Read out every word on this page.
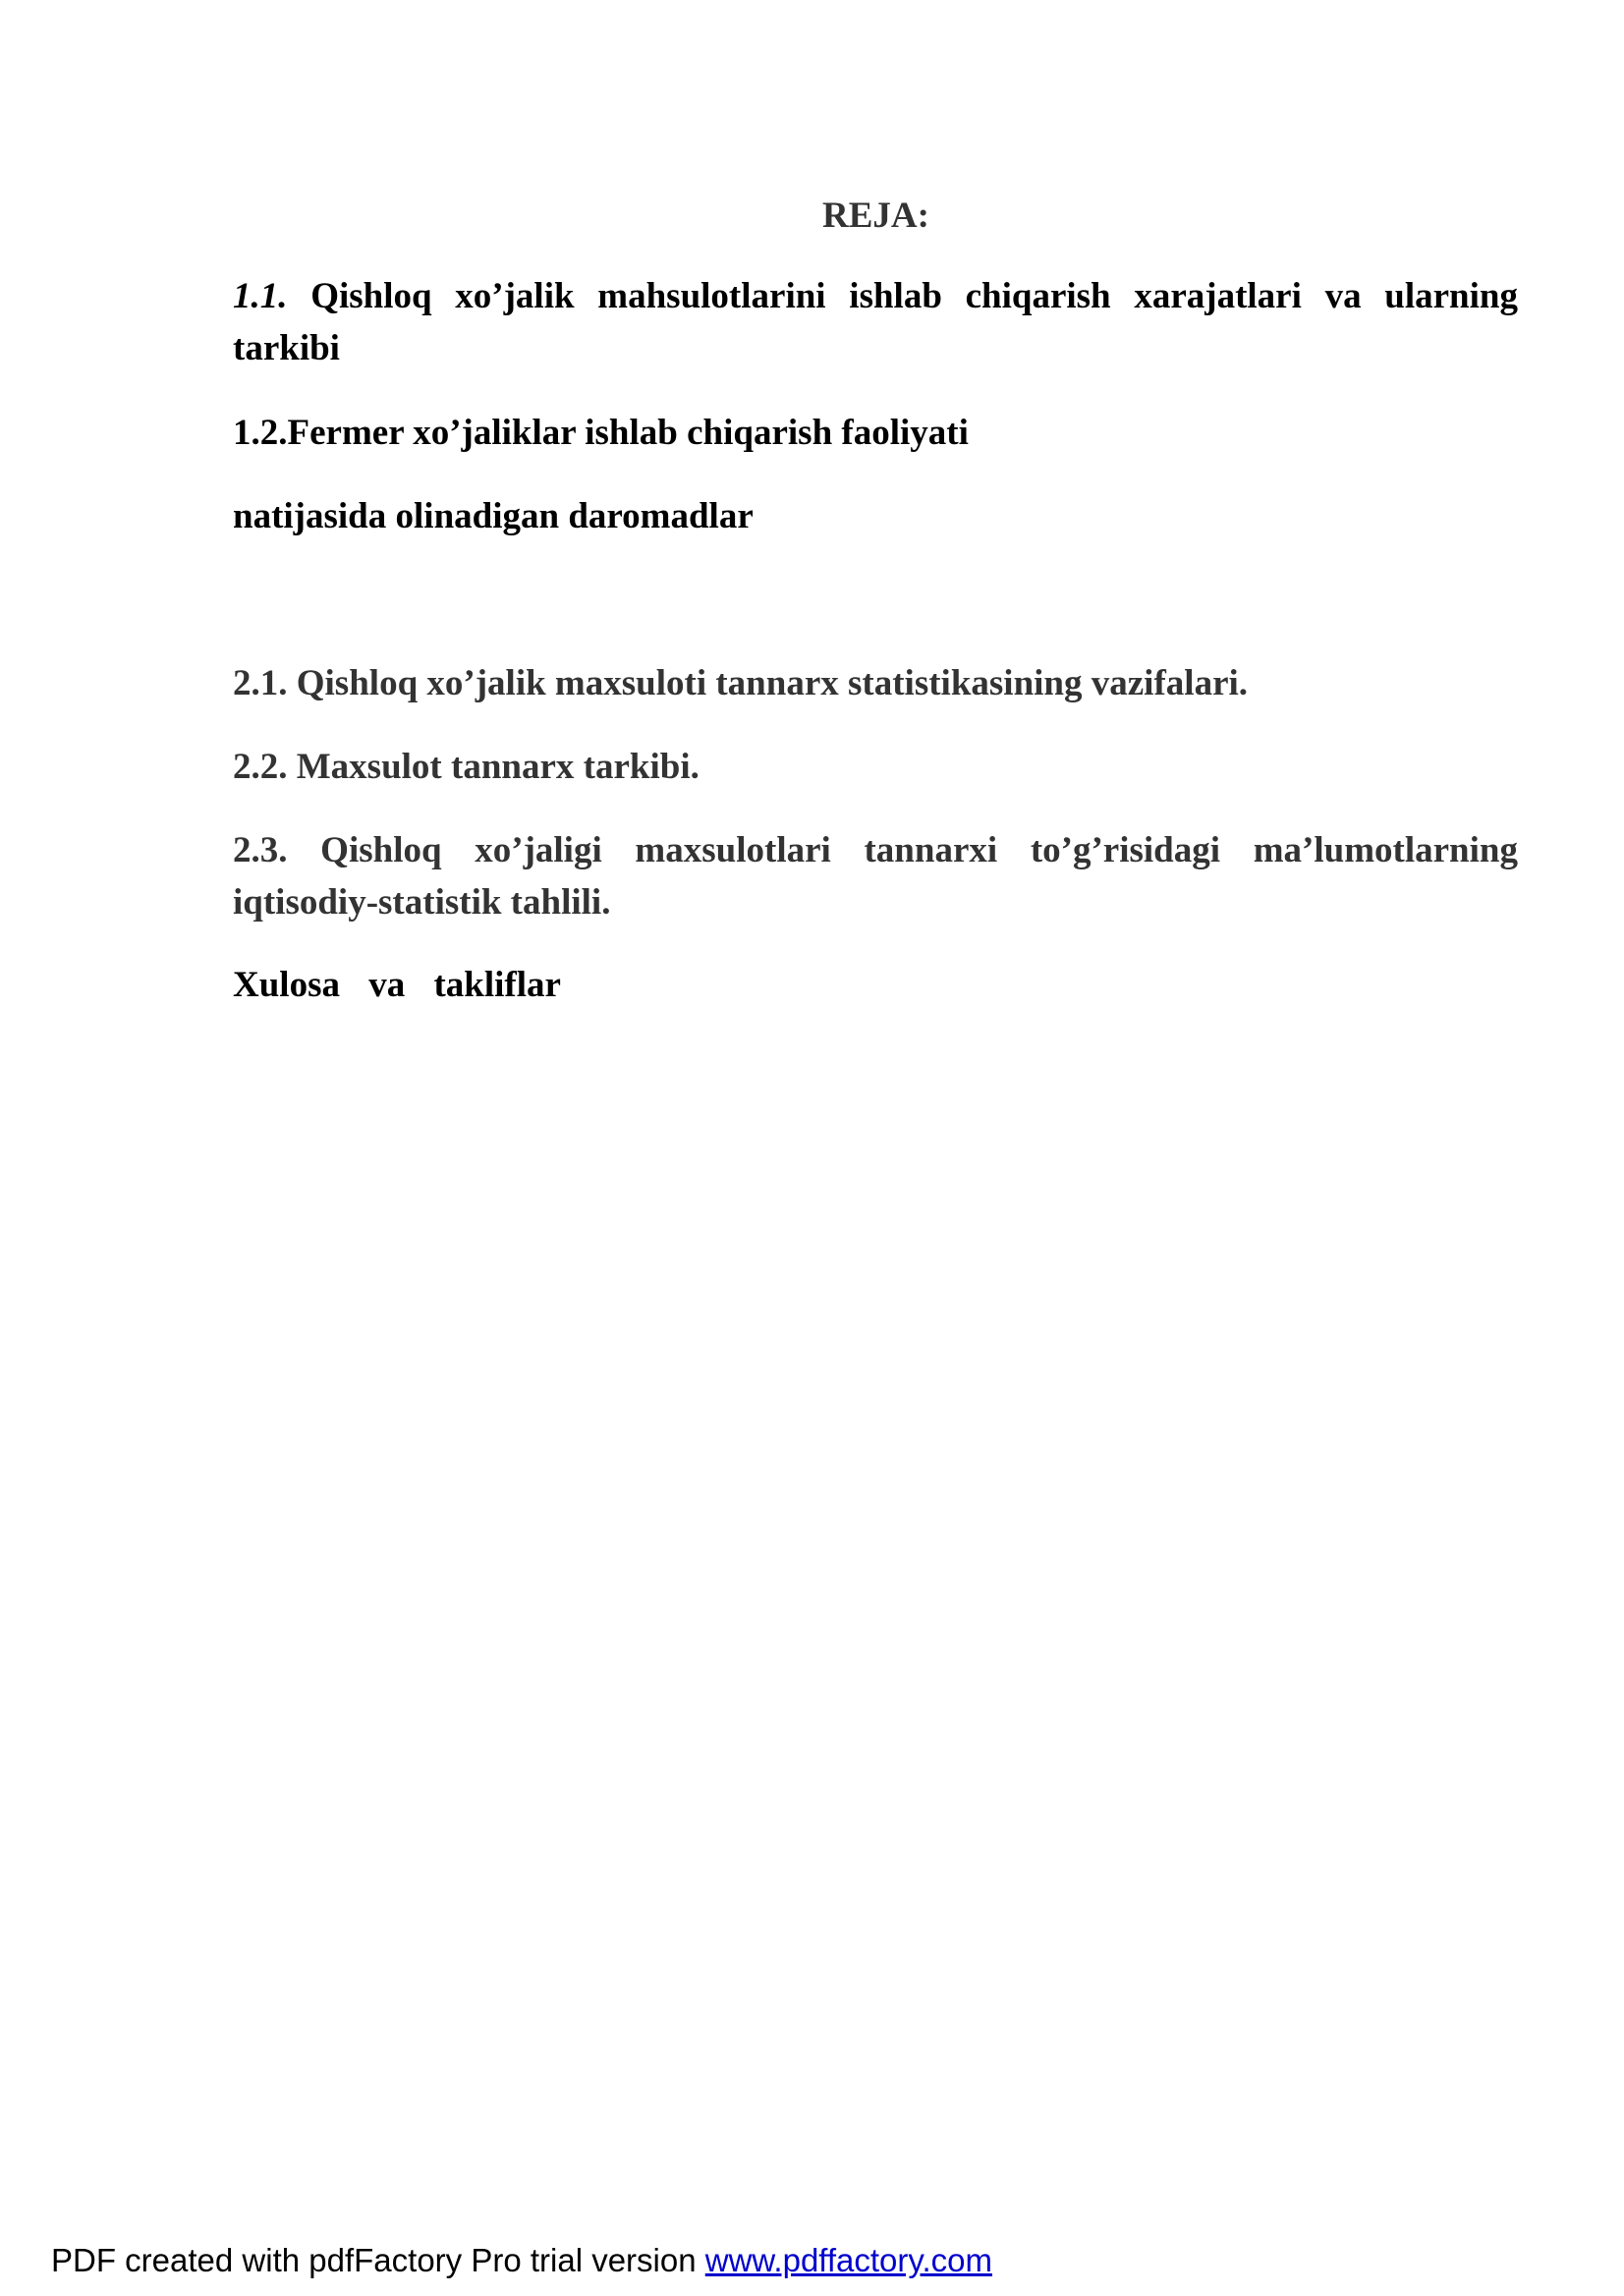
REJA:
1.1. Qishloq xo’jalik mahsulotlarini ishlab chiqarish xarajatlari va ularning tarkibi
1.2.Fermer xo’jaliklar ishlab chiqarish faoliyati
natijasida olinadigan daromadlar
2.1. Qishloq xo’jalik maxsuloti tannarx statistikasining vazifalari.
2.2. Maxsulot tannarx tarkibi.
2.3. Qishloq xo’jaligi maxsulotlari tannarxi to’g’risidagi ma’lumotlarning iqtisodiy-statistik tahlili.
Xulosa va takliflar
PDF created with pdfFactory Pro trial version www.pdffactory.com
